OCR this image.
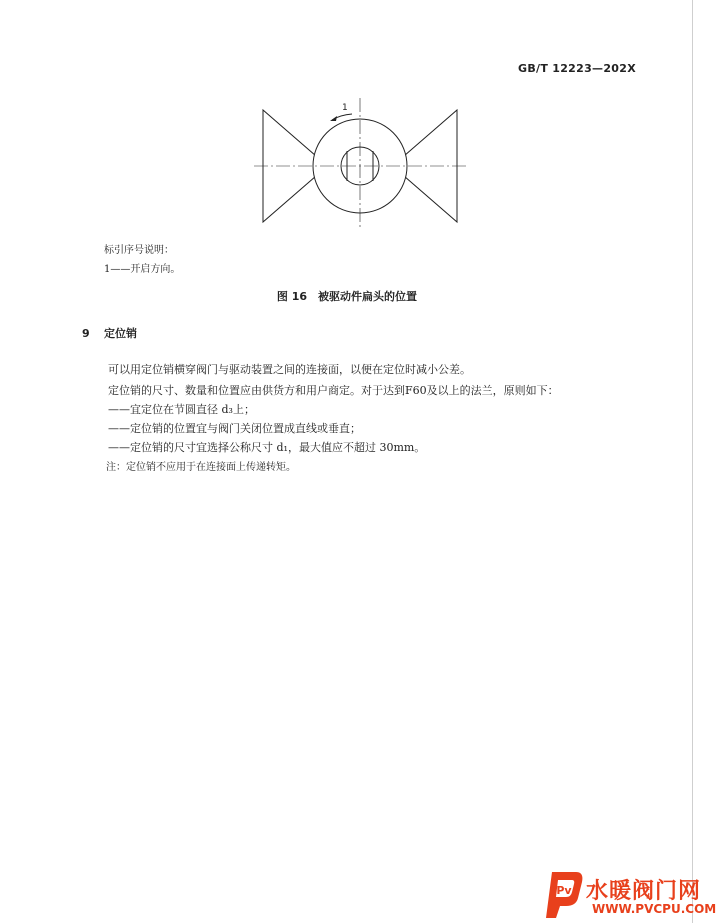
GB/T 12223—202X
1
标引序号说明：
1——开启方向。
图 16　被驱动件扁头的位置
9 定位销
可以用定位销横穿阀门与驱动装置之间的连接面，以便在定位时减小公差。
定位销的尺寸、数量和位置应由供货方和用户商定。对于达到F60及以上的法兰，原则如下：
——宜定位在节圆直径 d₃上；
——定位销的位置宜与阀门关闭位置成直线或垂直；
——定位销的尺寸宜选择公称尺寸 d₁，最大值应不超过 30mm。
注：定位销不应用于在连接面上传递转矩。
Pv 水暖阀门网
WWW.PVCPU.COM
